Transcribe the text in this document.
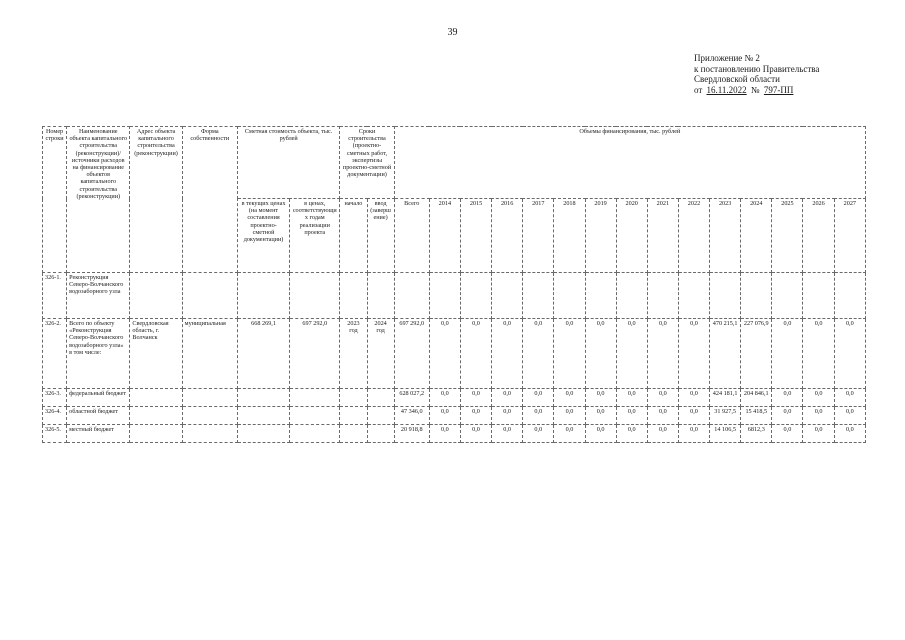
39
Приложение № 2
к постановлению Правительства
Свердловской области
от 16.11.2022 № 797-ПП
Номер строки	Наименование объекта капитального строительства (реконструкции)/ источники расходов на финансирование объектов капитального строительства (реконструкции)	Адрес объекта капитального строительства (реконструкции)	Форма собственности	Сметная стоимость объекта, тыс. рублей		Сроки строительства (проектно-сметных работ, экспертизы проектно-сметной документации)		Объемы финансирования, тыс. рублей														
				в текущих ценах (на момент составления проектно-сметной документации)	в ценах, соответствующих годам реализации проекта	начало	ввод (завершение)	Всего	2014	2015	2016	2017	2018	2019	2020	2021	2022	2023	2024	2025	2026	2027
326-1.	Реконструкция Северо-Волчанского водозаборного узла																					
326-2.	Всего по объекту «Реконструкция Северо-Волчанского водозаборного узла» в том числе:	Свердловская область, г. Волчанск	муниципальная	668 269,1	697 292,0	2023 год	2024 год	697 292,0	0,0	0,0	0,0	0,0	0,0	0,0	0,0	0,0	0,0	470 215,1	227 076,9	0,0	0,0	0,0
326-3.	федеральный бюджет							628 027,2	0,0	0,0	0,0	0,0	0,0	0,0	0,0	0,0	0,0	424 181,1	204 846,1	0,0	0,0	0,0
326-4.	областной бюджет							47 346,0	0,0	0,0	0,0	0,0	0,0	0,0	0,0	0,0	0,0	31 927,5	15 418,5	0,0	0,0	0,0
326-5.	местный бюджет							20 918,8	0,0	0,0	0,0	0,0	0,0	0,0	0,0	0,0	0,0	14 106,5	6812,3	0,0	0,0	0,0
